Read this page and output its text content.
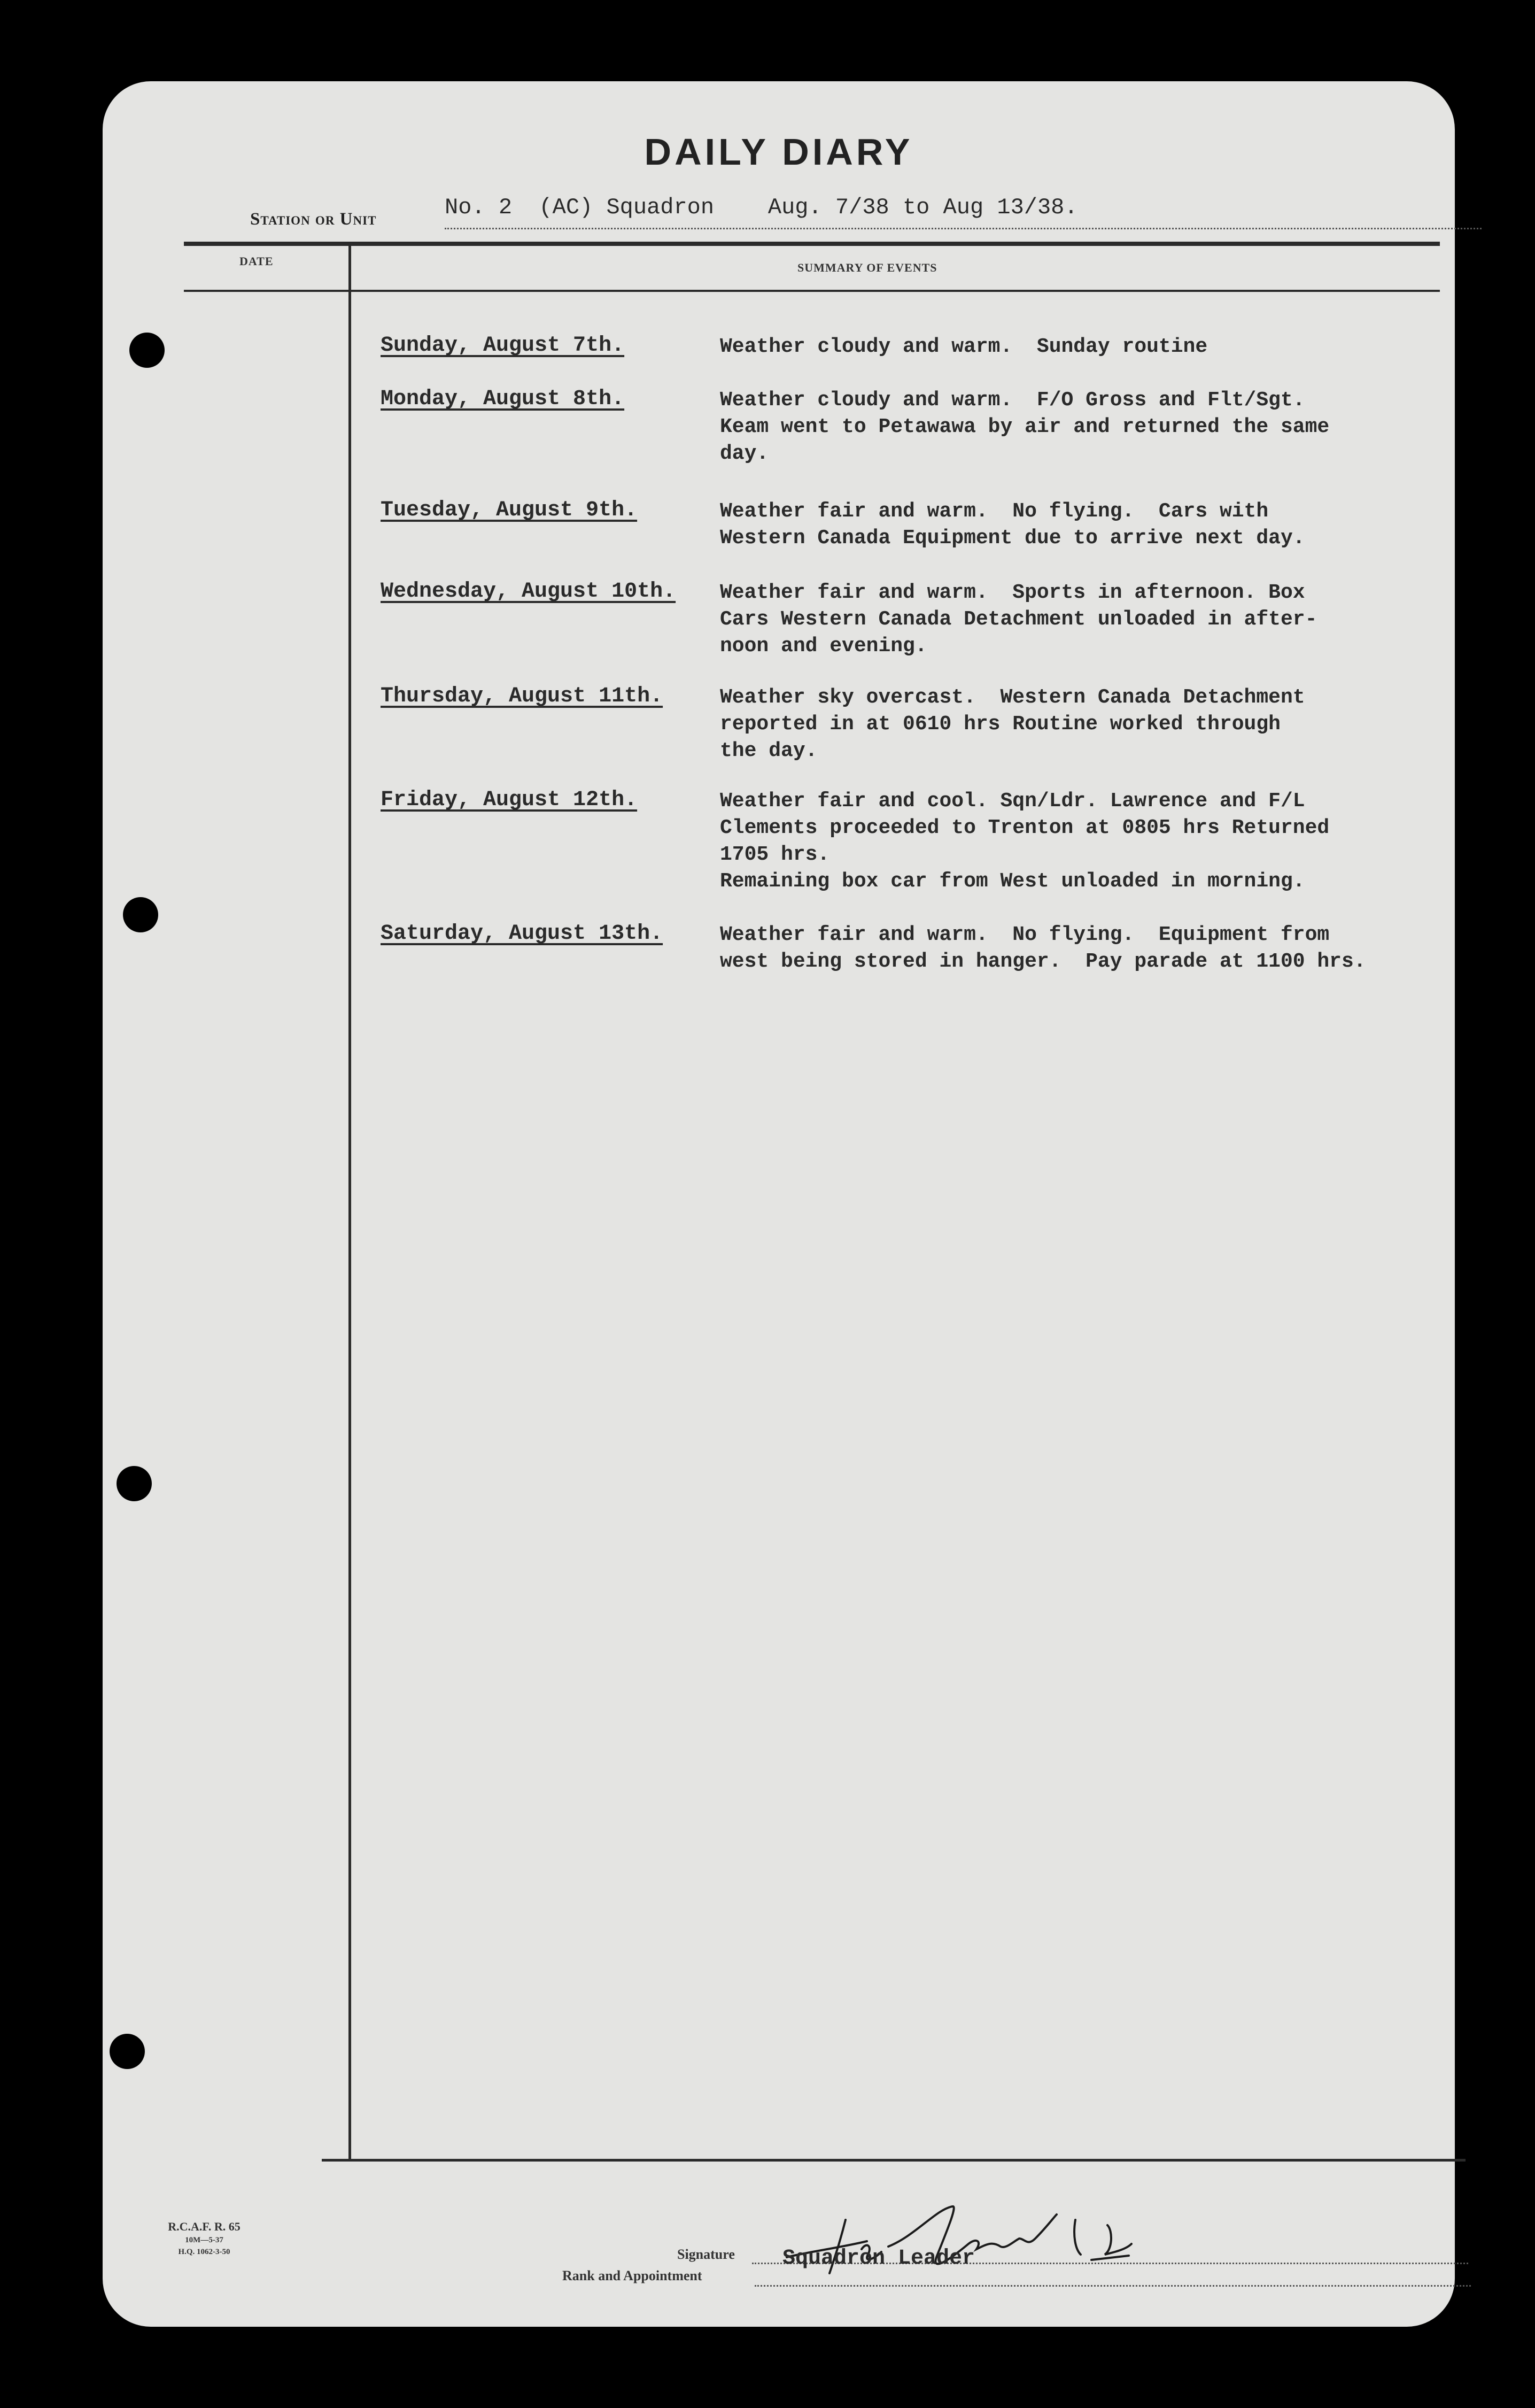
DAILY DIARY
Station or Unit	No. 2  (AC) Squadron    Aug. 7/38 to Aug 13/38.
DATE	SUMMARY OF EVENTS
Sunday, August 7th.	Weather cloudy and warm.  Sunday routine
Monday, August 8th.	Weather cloudy and warm.  F/O Gross and Flt/Sgt.
Keam went to Petawawa by air and returned the same
day.
Tuesday, August 9th.	Weather fair and warm.  No flying.  Cars with
Western Canada Equipment due to arrive next day.
Wednesday, August 10th. Weather fair and warm.  Sports in afternoon. Box
Cars Western Canada Detachment unloaded in after-
noon and evening.
Thursday, August 11th.	Weather sky overcast.  Western Canada Detachment
reported in at 0610 hrs Routine worked through
the day.
Friday, August 12th.	Weather fair and cool. Sqn/Ldr. Lawrence and F/L
Clements proceeded to Trenton at 0805 hrs Returned
1705 hrs.
Remaining box car from West unloaded in morning.
Saturday, August 13th.	Weather fair and warm.  No flying.  Equipment from
west being stored in hanger.  Pay parade at 1100 hrs.
R.C.A.F. R. 65
10M—5-37
H.Q. 1062-3-50	Signature
Rank and Appointment
Squadron Leader
